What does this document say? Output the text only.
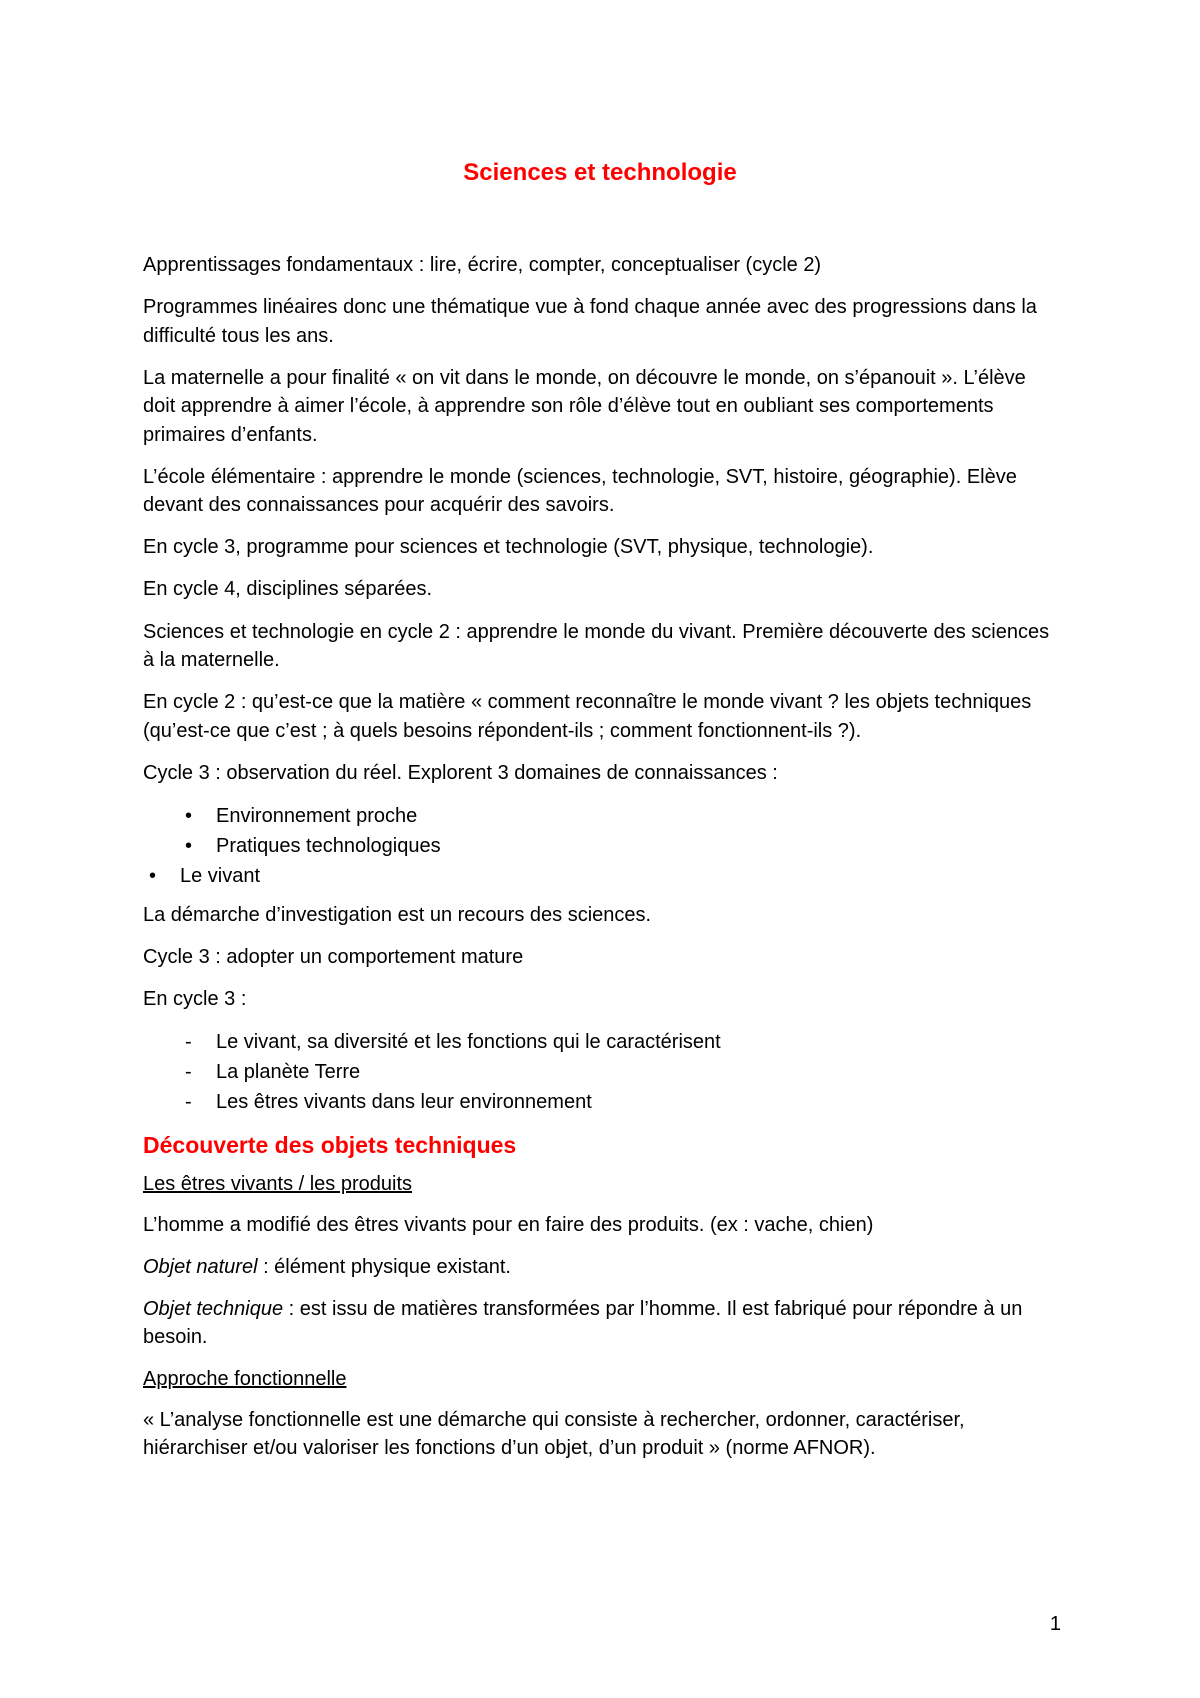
Sciences et technologie

Apprentissages fondamentaux : lire, écrire, compter, conceptualiser (cycle 2)

Programmes linéaires donc une thématique vue à fond chaque année avec des progressions dans la difficulté tous les ans.

La maternelle a pour finalité « on vit dans le monde, on découvre le monde, on s’épanouit ». L’élève doit apprendre à aimer l’école, à apprendre son rôle d’élève tout en oubliant ses comportements primaires d’enfants.

L’école élémentaire : apprendre le monde (sciences, technologie, SVT, histoire, géographie). Elève devant des connaissances pour acquérir des savoirs.

En cycle 3, programme pour sciences et technologie (SVT, physique, technologie).

En cycle 4, disciplines séparées.

Sciences et technologie en cycle 2 : apprendre le monde du vivant. Première découverte des sciences à la maternelle.

En cycle 2 : qu’est-ce que la matière « comment reconnaître le monde vivant ? les objets techniques (qu’est-ce que c’est ; à quels besoins répondent-ils ; comment fonctionnent-ils ?).

Cycle 3 : observation du réel. Explorent 3 domaines de connaissances :

• Environnement proche
• Pratiques technologiques
• Le vivant

La démarche d’investigation est un recours des sciences.

Cycle 3 : adopter un comportement mature

En cycle 3 :

- Le vivant, sa diversité et les fonctions qui le caractérisent
- La planète Terre
- Les êtres vivants dans leur environnement
Découverte des objets techniques

Les êtres vivants / les produits

L’homme a modifié des êtres vivants pour en faire des produits. (ex : vache, chien)

Objet naturel : élément physique existant.

Objet technique : est issu de matières transformées par l’homme. Il est fabriqué pour répondre à un besoin.

Approche fonctionnelle

« L’analyse fonctionnelle est une démarche qui consiste à rechercher, ordonner, caractériser, hiérarchiser et/ou valoriser les fonctions d’un objet, d’un produit » (norme AFNOR).

1
